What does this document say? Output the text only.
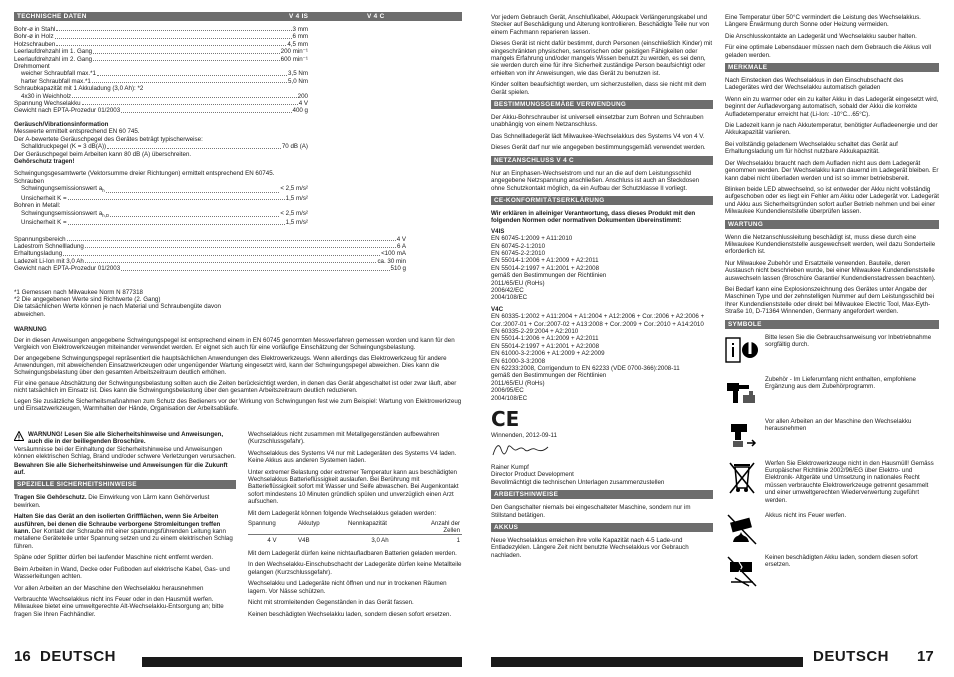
TECHNISCHE DATEN	V 4 IS	V 4 C
Bohr-ø in Stahl	3 mm
Bohr-ø in Holz	6 mm
Holzschrauben	4,5 mm
Leerlaufdrehzahl im 1. Gang	200 min⁻¹
Leerlaufdrehzahl im 2. Gang	600 min⁻¹
Drehmoment
weicher Schraubfall max.*1	3,5 Nm
harter Schraubfall max.*1	5,0 Nm
Schraubkapazität mit 1 Akkuladung (3,0 Ah): *2
4x30 in Weichholz	200
Spannung Wechselakku	4 V
Gewicht nach EPTA-Prozedur 01/2003	400 g
Geräusch/Vibrationsinformation
Messwerte ermittelt entsprechend EN 60 745.
Der A-bewertete Geräuschpegel des Gerätes beträgt typischerweise:
Schalldruckpegel (K = 3 dB(A))	70 dB (A)
Der Geräuschpegel beim Arbeiten kann 80 dB (A) überschreiten.
Gehörschutz tragen!
Schwingungsgesamtwerte (Vektorsumme dreier Richtungen) ermittelt entsprechend EN 60745.
Schrauben
Schwingungsemissionswert $a_h$	< 2,5 m/s²
Unsicherheit K =	1,5 m/s²
Bohren in Metall:
Schwingungsemissionswert $a_{h,D}$	< 2,5 m/s²
Unsicherheit K =	1,5 m/s²
Spannungsbereich	4 V
Ladestrom Schnellladung	6 A
Erhaltungsladung	<100 mA
Ladezeit Li-Ion mit 3,0 Ah	ca. 30 min
Gewicht nach EPTA-Prozedur 01/2003	510 g
*1 Gemessen nach Milwaukee Norm N 877318
*2 Die angegebenen Werte sind Richtwerte (2. Gang)
Die tatsächlichen Werte können je nach Material und Schraubengüte davon abweichen.
WARNUNG

Der in diesen Anweisungen angegebene Schwingungspegel ist entsprechend einem in EN 60745 genormten Messverfahren gemessen worden und kann für den Vergleich von Elektrowerkzeugen miteinander verwendet werden. Er eignet sich auch für eine vorläufige Einschätzung der Schwingungsbelastung.

Der angegebene Schwingungspegel repräsentiert die hauptsächlichen Anwendungen des Elektrowerkzeugs. Wenn allerdings das Elektrowerkzeug für andere Anwendungen, mit abweichenden Einsatzwerkzeugen oder ungenügender Wartung eingesetzt wird, kann der Schwingungspegel abweichen. Dies kann die Schwingungsbelastung über den gesamten Arbeitszeitraum deutlich erhöhen.

Für eine genaue Abschätzung der Schwingungsbelastung sollten auch die Zeiten berücksichtigt werden, in denen das Gerät abgeschaltet ist oder zwar läuft, aber nicht tatsächlich im Einsatz ist. Dies kann die Schwingungsbelastung über den gesamten Arbeitszeitraum deutlich reduzieren.

Legen Sie zusätzliche Sicherheitsmaßnahmen zum Schutz des Bedieners vor der Wirkung von Schwingungen fest wie zum Beispiel: Wartung von Elektrowerkzeug und Einsatzwerkzeugen, Warmhalten der Hände, Organisation der Arbeitsabläufe.

WARNUNG! Lesen Sie alle Sicherheitshinweise und Anweisungen, auch die in der beiliegenden Broschüre.

Versäumnisse bei der Einhaltung der Sicherheitshinweise und Anweisungen können elektrischen Schlag, Brand und/oder schwere Verletzungen verursachen.

Bewahren Sie alle Sicherheitshinweise und Anweisungen für die Zukunft auf.

SPEZIELLE SICHERHEITSHINWEISE

Tragen Sie Gehörschutz. Die Einwirkung von Lärm kann Gehörverlust bewirken.

Halten Sie das Gerät an den isolierten Griffflächen, wenn Sie Arbeiten ausführen, bei denen die Schraube verborgene Stromleitungen treffen kann. Der Kontakt der Schraube mit einer spannungsführenden Leitung kann metallene Geräteteile unter Spannung setzen und zu einem elektrischen Schlag führen.

Späne oder Splitter dürfen bei laufender Maschine nicht entfernt werden.

Beim Arbeiten in Wand, Decke oder Fußboden auf elektrische Kabel, Gas- und Wasserleitungen achten.

Vor allen Arbeiten an der Maschine den Wechselakku herausnehmen

Verbrauchte Wechselakkus nicht ins Feuer oder in den Hausmüll werfen. Milwaukee bietet eine umweltgerechte Alt-Wechselakku-Entsorgung an; bitte fragen Sie Ihren Fachhändler.

Wechselakkus nicht zusammen mit Metallgegenständen aufbewahren (Kurzschlussgefahr).

Wechselakkus des Systems V4 nur mit Ladegeräten des Systems V4 laden. Keine Akkus aus anderen Systemen laden.

Unter extremer Belastung oder extremer Temperatur kann aus beschädigten Wechselakkus Batterieflüssigkeit auslaufen. Bei Berührung mit Batterieflüssigkeit sofort mit Wasser und Seife abwaschen. Bei Augenkontakt sofort mindestens 10 Minuten gründlich spülen und unverzüglich einen Arzt aufsuchen.

Mit dem Ladegerät können folgende Wechselakkus geladen werden:

Spannung	Akkutyp	Nennkapazität	Anzahl der Zellen
4 V	V4B	3,0 Ah	1

Mit dem Ladegerät dürfen keine nichtaufladbaren Batterien geladen werden.

In den Wechselakku-Einschubschacht der Ladegeräte dürfen keine Metallteile gelangen (Kurzschlussgefahr).

Wechselakku und Ladegeräte nicht öffnen und nur in trockenen Räumen lagern. Vor Nässe schützen.

Nicht mit stromleitenden Gegenständen in das Gerät fassen.

Keinen beschädigten Wechselakku laden, sondern diesen sofort ersetzen.

16 DEUTSCH

Vor jedem Gebrauch Gerät, Anschlußkabel, Akkupack Verlängerungskabel und Stecker auf Beschädigung und Alterung kontrollieren. Beschädigte Teile nur von einem Fachmann reparieren lassen.

Dieses Gerät ist nicht dafür bestimmt, durch Personen (einschließlich Kinder) mit eingeschränkten physischen, sensorischen oder geistigen Fähigkeiten oder mangels Erfahrung und/oder mangels Wissen benutzt zu werden, es sei denn, sie werden durch eine für ihre Sicherheit zuständige Person beaufsichtigt oder erhielten von ihr Anweisungen, wie das Gerät zu benutzen ist.

Kinder sollten beaufsichtigt werden, um sicherzustellen, dass sie nicht mit dem Gerät spielen.

BESTIMMUNGSGEMÄßE VERWENDUNG

Der Akku-Bohrschrauber ist universell einsetzbar zum Bohren und Schrauben unabhängig von einem Netzanschluss.

Das Schnellladegerät lädt Milwaukee-Wechselakkus des Systems V4 von 4 V.

Dieses Gerät darf nur wie angegeben bestimmungsgemäß verwendet werden.

NETZANSCHLUSS V 4 C

Nur an Einphasen-Wechselstrom und nur an die auf dem Leistungsschild angegebene Netzspannung anschließen. Anschluss ist auch an Steckdosen ohne Schutzkontakt möglich, da ein Aufbau der Schutzklasse II vorliegt.

CE-KONFORMITÄTSERKLÄRUNG

Wir erklären in alleiniger Verantwortung, dass dieses Produkt mit den folgenden Normen oder normativen Dokumenten übereinstimmt:

V4IS
EN 60745-1:2009 + A11:2010
EN 60745-2-1:2010
EN 60745-2-2:2010
EN 55014-1:2006 + A1:2009 + A2:2011
EN 55014-2:1997 + A1:2001 + A2:2008
gemäß den Bestimmungen der Richtlinien
2011/65/EU (RoHs)
2006/42/EC
2004/108/EC
V4C
EN 60335-1:2002 + A11:2004 + A1:2004 + A12:2006 + Cor.:2006 + A2:2006 + Cor.:2007-01 + Cor.:2007-02 + A13:2008 + Cor.:2009 + Cor.:2010 + A14:2010
EN 60335-2-29:2004 + A2:2010
EN 55014-1:2006 + A1:2009 + A2:2011
EN 55014-2:1997 + A1:2001 + A2:2008
EN 61000-3-2:2006 + A1:2009 + A2:2009
EN 61000-3-3:2008
EN 62233:2008, Corrigendum to EN 62233 (VDE 0700-366):2008-11
gemäß den Bestimmungen der Richtlinien
2011/65/EU (RoHs)
2006/95/EC
2004/108/EC
CE
Winnenden, 2012-09-11
Rainer Kumpf
Director Product Development

Bevollmächtigt die technischen Unterlagen zusammenzustellen

ARBEITSHINWEISE

Den Gangschalter niemals bei eingeschalteter Maschine, sondern nur im Stillstand betätigen.

AKKUS

Neue Wechselakkus erreichen ihre volle Kapazität nach 4-5 Lade-und Entladezyklen. Längere Zeit nicht benutzte Wechselakkus vor Gebrauch nachladen.

Eine Temperatur über 50°C vermindert die Leistung des Wechselakkus. Längere Erwärmung durch Sonne oder Heizung vermeiden.

Die Anschlusskontakte an Ladegerät und Wechselakku sauber halten.

Für eine optimale Lebensdauer müssen nach dem Gebrauch die Akkus voll geladen werden.

MERKMALE

Nach Einstecken des Wechselakkus in den Einschubschacht des Ladegerätes wird der Wechselakku automatisch geladen

Wenn ein zu warmer oder ein zu kalter Akku in das Ladegerät eingesetzt wird, beginnt der Aufladevorgang automatisch, sobald der Akku die korrekte Aufladetemperatur erreicht hat (Li-Ion: -10°C...65°C).

Die Ladezeit kann je nach Akkutemperatur, benötigter Aufladeenergie und der Akkukapazität variieren.

Bei vollständig geladenem Wechselakku schaltet das Gerät auf Erhaltungsladung um für höchst nutzbare Akkukapazität.

Der Wechselakku braucht nach dem Aufladen nicht aus dem Ladegerät genommen werden. Der Wechselakku kann dauernd im Ladegerät bleiben. Er kann dabei nicht überladen werden und ist so immer betriebsbereit.

Blinken beide LED abwechselnd, so ist entweder der Akku nicht vollständig aufgeschoben oder es liegt ein Fehler am Akku oder Ladegerät vor. Ladegerät und Akku aus Sicherheitsgründen sofort außer Betrieb nehmen und bei einer Milwaukee Kundendienststelle überprüfen lassen.

WARTUNG

Wenn die Netzanschlussleitung beschädigt ist, muss diese durch eine Milwaukee Kundendienststelle ausgewechselt werden, weil dazu Sonderteile erforderlich ist.

Nur Milwaukee Zubehör und Ersatzteile verwenden. Bauteile, deren Austausch nicht beschrieben wurde, bei einer Milwaukee Kundendienststelle auswechseln lassen (Broschüre Garantie/ Kundendienstadressen beachten).

Bei Bedarf kann eine Explosionszeichnung des Gerätes unter Angabe der Maschinen Type und der zehnstelligen Nummer auf dem Leistungsschild bei Ihrer Kundendienststelle oder direkt bei Milwaukee Electric Tool, Max-Eyth-Straße 10, D-71364 Winnenden, Germany angefordert werden.

SYMBOLE
Bitte lesen Sie die Gebrauchsanweisung vor Inbetriebnahme sorgfältig durch.
Zubehör - Im Lieferumfang nicht enthalten, empfohlene Ergänzung aus dem Zubehörprogramm.
Vor allen Arbeiten an der Maschine den Wechselakku herausnehmen
Werfen Sie Elektrowerkzeuge nicht in den Hausmüll! Gemäss Europäischer Richtlinie 2002/96/EG über Elektro- und Elektronik- Altgeräte und Umsetzung in nationales Recht müssen verbrauchte Elektrowerkzeuge getrennt gesammelt und einer umweltgerechten Wiederverwertung zugeführt werden.
Akkus nicht ins Feuer werfen.
Keinen beschädigten Akku laden, sondern diesen sofort ersetzen.
DEUTSCH 17
